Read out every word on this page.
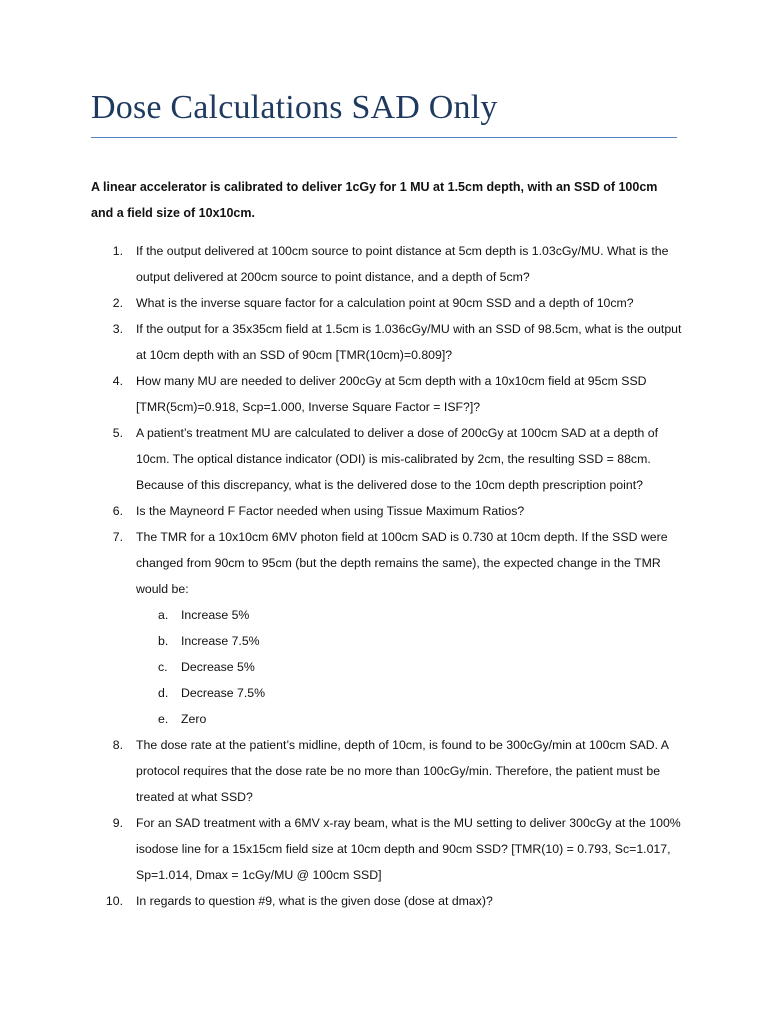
Dose Calculations SAD Only

A linear accelerator is calibrated to deliver 1cGy for 1 MU at 1.5cm depth, with an SSD of 100cm and a field size of 10x10cm.

1. If the output delivered at 100cm source to point distance at 5cm depth is 1.03cGy/MU. What is the output delivered at 200cm source to point distance, and a depth of 5cm?
2. What is the inverse square factor for a calculation point at 90cm SSD and a depth of 10cm?
3. If the output for a 35x35cm field at 1.5cm is 1.036cGy/MU with an SSD of 98.5cm, what is the output at 10cm depth with an SSD of 90cm [TMR(10cm)=0.809]?
4. How many MU are needed to deliver 200cGy at 5cm depth with a 10x10cm field at 95cm SSD [TMR(5cm)=0.918, Scp=1.000, Inverse Square Factor = ISF?]?
5. A patient’s treatment MU are calculated to deliver a dose of 200cGy at 100cm SAD at a depth of 10cm. The optical distance indicator (ODI) is mis-calibrated by 2cm, the resulting SSD = 88cm. Because of this discrepancy, what is the delivered dose to the 10cm depth prescription point?
6. Is the Mayneord F Factor needed when using Tissue Maximum Ratios?
7. The TMR for a 10x10cm 6MV photon field at 100cm SAD is 0.730 at 10cm depth. If the SSD were changed from 90cm to 95cm (but the depth remains the same), the expected change in the TMR would be:
a. Increase 5%
b. Increase 7.5%
c. Decrease 5%
d. Decrease 7.5%
e. Zero
8. The dose rate at the patient’s midline, depth of 10cm, is found to be 300cGy/min at 100cm SAD. A protocol requires that the dose rate be no more than 100cGy/min. Therefore, the patient must be treated at what SSD?
9. For an SAD treatment with a 6MV x-ray beam, what is the MU setting to deliver 300cGy at the 100% isodose line for a 15x15cm field size at 10cm depth and 90cm SSD? [TMR(10) = 0.793, Sc=1.017, Sp=1.014, Dmax = 1cGy/MU @ 100cm SSD]
10. In regards to question #9, what is the given dose (dose at dmax)?
